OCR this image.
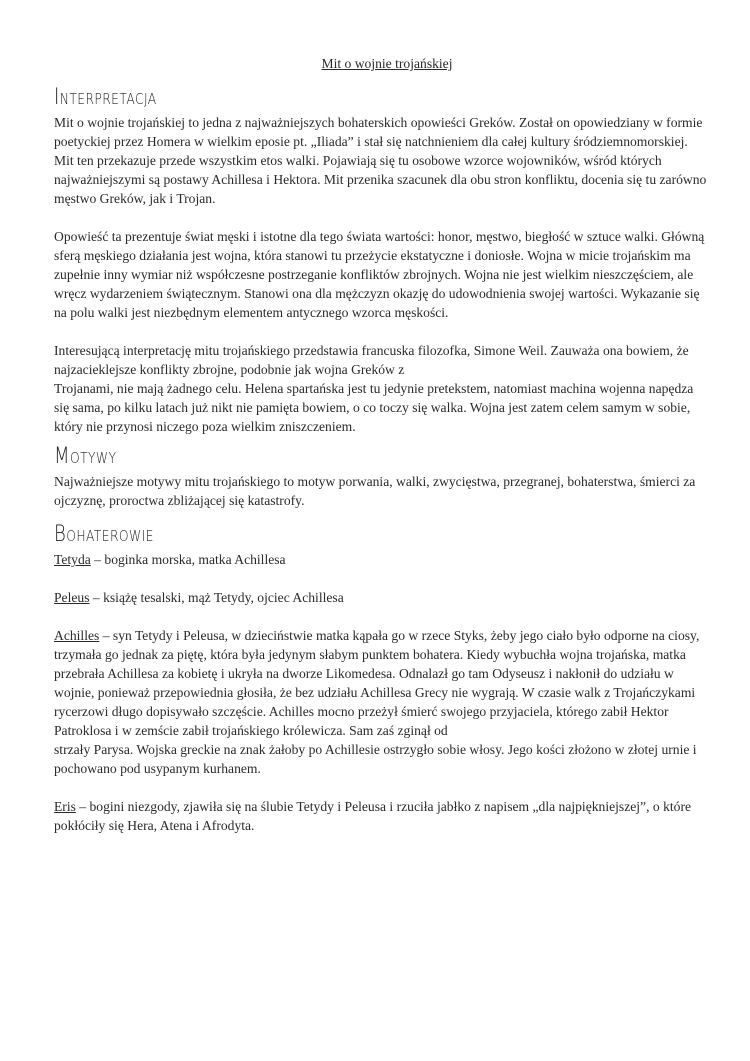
Mit o wojnie trojańskiej

Interpretacja

Mit o wojnie trojańskiej to jedna z najważniejszych bohaterskich opowieści Greków. Został on opowiedziany w formie poetyckiej przez Homera w wielkim eposie pt. „Iliada” i stał się natchnieniem dla całej kultury śródziemnomorskiej. Mit ten przekazuje przede wszystkim etos walki. Pojawiają się tu osobowe wzorce wojowników, wśród których najważniejszymi są postawy Achillesa i Hektora. Mit przenika szacunek dla obu stron konfliktu, docenia się tu zarówno męstwo Greków, jak i Trojan.

Opowieść ta prezentuje świat męski i istotne dla tego świata wartości: honor, męstwo, biegłość w sztuce walki. Główną sferą męskiego działania jest wojna, która stanowi tu przeżycie ekstatyczne i doniosłe. Wojna w micie trojańskim ma zupełnie inny wymiar niż współczesne postrzeganie konfliktów zbrojnych. Wojna nie jest wielkim nieszczęściem, ale wręcz wydarzeniem świątecznym. Stanowi ona dla mężczyzn okazję do udowodnienia swojej wartości. Wykazanie się na polu walki jest niezbędnym elementem antycznego wzorca męskości.

Interesującą interpretację mitu trojańskiego przedstawia francuska filozofka, Simone Weil. Zauważa ona bowiem, że najzacieklejsze konflikty zbrojne, podobnie jak wojna Greków z

Trojanami, nie mają żadnego celu. Helena spartańska jest tu jedynie pretekstem, natomiast machina wojenna napędza się sama, po kilku latach już nikt nie pamięta bowiem, o co toczy się walka. Wojna jest zatem celem samym w sobie, który nie przynosi niczego poza wielkim zniszczeniem.

Motywy

Najważniejsze motywy mitu trojańskiego to motyw porwania, walki, zwycięstwa, przegranej, bohaterstwa, śmierci za ojczyznę, proroctwa zbliżającej się katastrofy.

Bohaterowie

Tetyda – boginka morska, matka Achillesa

Peleus – książę tesalski, mąż Tetydy, ojciec Achillesa

Achilles – syn Tetydy i Peleusa, w dzieciństwie matka kąpała go w rzece Styks, żeby jego ciało było odporne na ciosy, trzymała go jednak za piętę, która była jedynym słabym punktem bohatera. Kiedy wybuchła wojna trojańska, matka przebrała Achillesa za kobietę i ukryła na dworze Likomedesa. Odnalazł go tam Odyseusz i nakłonił do udziału w wojnie, ponieważ przepowiednia głosiła, że bez udziału Achillesa Grecy nie wygrają. W czasie walk z Trojańczykami rycerzowi długo dopisywało szczęście. Achilles mocno przeżył śmierć swojego przyjaciela, którego zabił Hektor Patroklosa i w zemście zabił trojańskiego królewicza. Sam zaś zginął od

strzały Parysa. Wojska greckie na znak żałoby po Achillesie ostrzygło sobie włosy. Jego kości złożono w złotej urnie i pochowano pod usypanym kurhanem.

Eris – bogini niezgody, zjawiła się na ślubie Tetydy i Peleusa i rzuciła jabłko z napisem „dla najpiękniejszej”, o które pokłóciły się Hera, Atena i Afrodyta.
